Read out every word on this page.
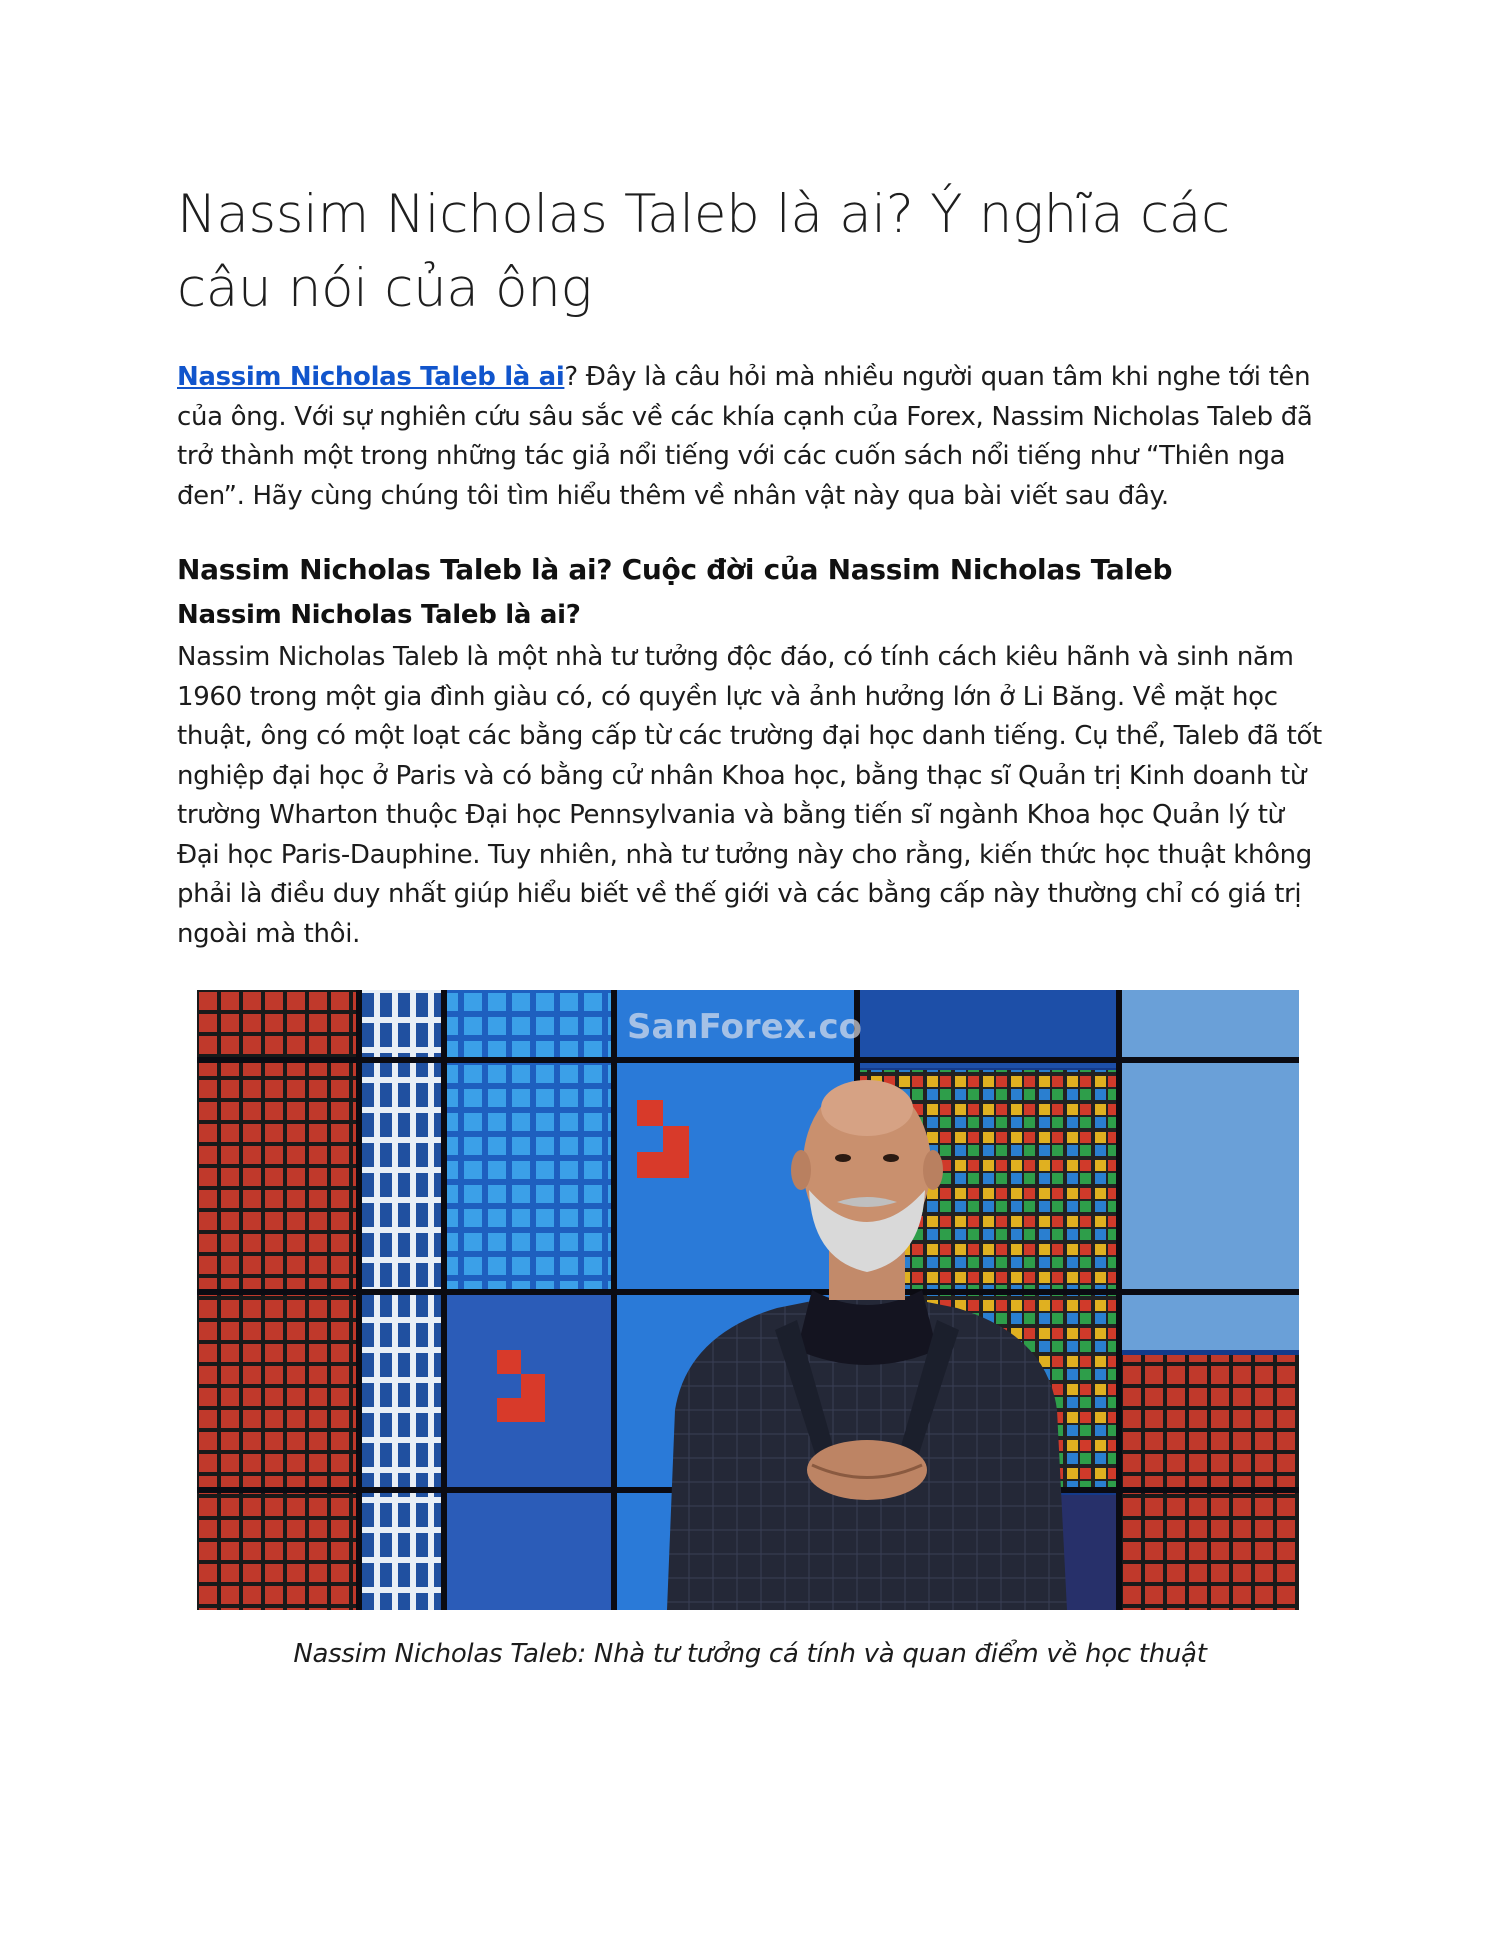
Nassim Nicholas Taleb là ai? Ý nghĩa các câu nói của ông

Nassim Nicholas Taleb là ai? Đây là câu hỏi mà nhiều người quan tâm khi nghe tới tên của ông. Với sự nghiên cứu sâu sắc về các khía cạnh của Forex, Nassim Nicholas Taleb đã trở thành một trong những tác giả nổi tiếng với các cuốn sách nổi tiếng như “Thiên nga đen”. Hãy cùng chúng tôi tìm hiểu thêm về nhân vật này qua bài viết sau đây.

Nassim Nicholas Taleb là ai? Cuộc đời của Nassim Nicholas Taleb
Nassim Nicholas Taleb là ai?

Nassim Nicholas Taleb là một nhà tư tưởng độc đáo, có tính cách kiêu hãnh và sinh năm 1960 trong một gia đình giàu có, có quyền lực và ảnh hưởng lớn ở Li Băng. Về mặt học thuật, ông có một loạt các bằng cấp từ các trường đại học danh tiếng. Cụ thể, Taleb đã tốt nghiệp đại học ở Paris và có bằng cử nhân Khoa học, bằng thạc sĩ Quản trị Kinh doanh từ trường Wharton thuộc Đại học Pennsylvania và bằng tiến sĩ ngành Khoa học Quản lý từ Đại học Paris-Dauphine. Tuy nhiên, nhà tư tưởng này cho rằng, kiến thức học thuật không phải là điều duy nhất giúp hiểu biết về thế giới và các bằng cấp này thường chỉ có giá trị ngoài mà thôi.

SanForex.co
Nassim Nicholas Taleb: Nhà tư tưởng cá tính và quan điểm về học thuật
